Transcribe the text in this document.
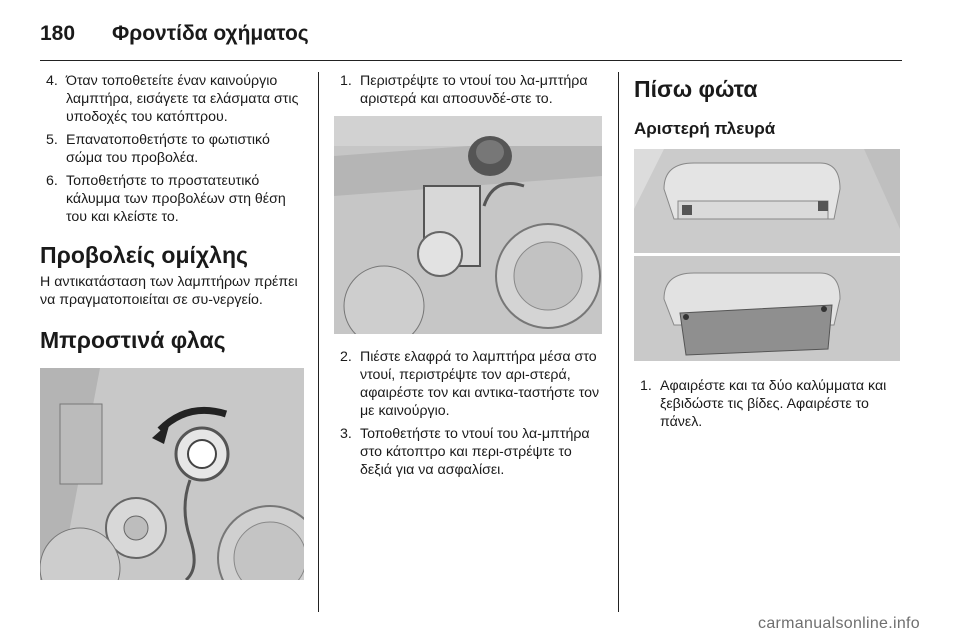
180 Φροντίδα οχήματος
4. Όταν τοποθετείτε έναν καινούργιο λαμπτήρα, εισάγετε τα ελάσματα στις υποδοχές του κατόπτρου.
5. Επανατοποθετήστε το φωτιστικό σώμα του προβολέα.
6. Τοποθετήστε το προστατευτικό κάλυμμα των προβολέων στη θέση του και κλείστε το.
Προβολείς ομίχλης

Η αντικατάσταση των λαμπτήρων πρέπει να πραγματοποιείται σε συ-νεργείο.

Μπροστινά φλας
1. Περιστρέψτε το ντουί του λα-μπτήρα αριστερά και αποσυνδέ-στε το.
2. Πιέστε ελαφρά το λαμπτήρα μέσα στο ντουί, περιστρέψτε τον αρι-στερά, αφαιρέστε τον και αντικα-ταστήστε τον με καινούργιο.
3. Τοποθετήστε το ντουί του λα-μπτήρα στο κάτοπτρο και περι-στρέψτε το δεξιά για να ασφαλίσει.
Πίσω φώτα
Αριστερή πλευρά
1. Αφαιρέστε και τα δύο καλύμματα και ξεβιδώστε τις βίδες. Αφαιρέστε το πάνελ.
carmanualsonline.info
